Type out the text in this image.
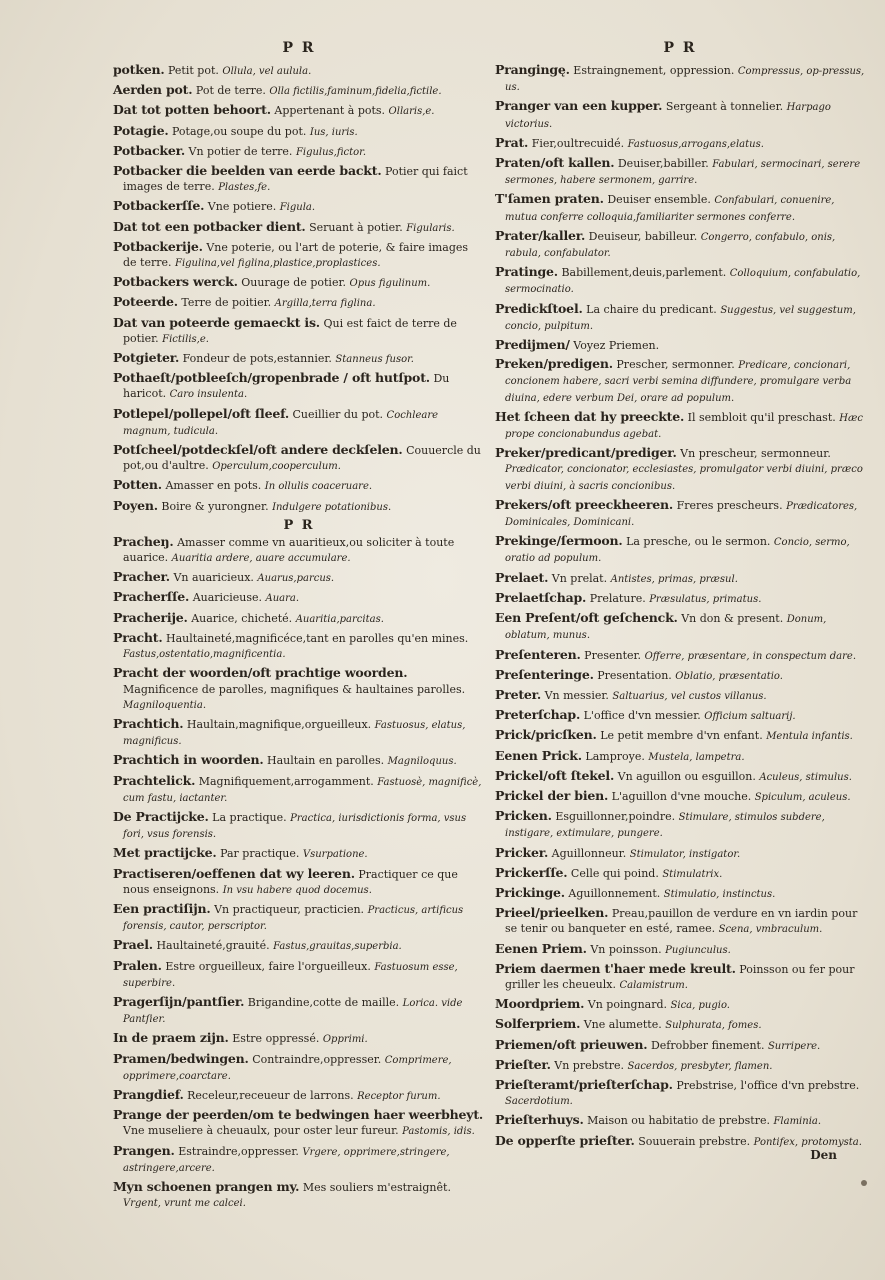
P R
potken. Petit pot. Ollula, vel aulula.
Aerden pot. Pot de terre. Olla fictilis,faminum,fidelia,fictile.
Dat tot potten behoort. Appertenant à pots. Ollaris,e.
Potagie. Potage,ou soupe du pot. Ius, iuris.
Potbacker. Vn potier de terre. Figulus,fictor.
Potbacker die beelden van eerde backt. Potier qui faict images de terre. Plastes,fe.
Potbackerſſe. Vne potiere. Figula.
Dat tot een potbacker dient. Seruant à potier. Figularis.
Potbackerije. Vne poterie, ou l'art de poterie, & faire images de terre. Figulina,vel figlina,plastice,proplastices.
Potbackers werck. Ouurage de potier. Opus figulinum.
Poteerde. Terre de poitier. Argilla,terra figlina.
Dat van poteerde gemaeckt is. Qui est faict de terre de potier. Fictilis,e.
Potgieter. Fondeur de pots,estannier. Stanneus fusor.
Pothaeſt/potbleeſch/gropenbrade / oft hutſpot. Du haricot. Caro insulenta.
Potlepel/pollepel/oft ſleef. Cueillier du pot. Cochleare magnum, tudicula.
Potſcheel/potdeckſel/oft andere deckſelen. Couuercle du pot,ou d'aultre. Operculum,cooperculum.
Potten. Amasser en pots. In ollulis coaceruare.
Poyen. Boire & yurongner. Indulgere potationibus.
P R
Pracheŋ. Amasser comme vn auaritieux,ou soliciter à toute auarice. Auaritia ardere, auare accumulare.
Pracher. Vn auaricieux. Auarus,parcus.
Pracherſſe. Auaricieuse. Auara.
Pracherije. Auarice, chicheté. Auaritia,parcitas.
Pracht. Haultaineté,magnificéce,tant en parolles qu'en mines. Fastus,ostentatio,magnificentia.
Pracht der woorden/oft prachtige woorden. Magnificence de parolles, magnifiques & haultaines parolles. Magniloquentia.
Prachtich. Haultain,magnifique,orgueilleux. Fastuosus, elatus, magnificus.
Prachtich in woorden. Haultain en parolles. Magniloquus.
Prachtelick. Magnifiquement,arrogamment. Fastuosè, magnificè, cum fastu, iactanter.
De Practijcke. La practique. Practica, iurisdictionis forma, vsus fori, vsus forensis.
Met practijcke. Par practique. Vsurpatione.
Practiseren/oeffenen dat wy leeren. Practiquer ce que nous enseignons. In vsu habere quod docemus.
Een practiſijn. Vn practiqueur, practicien. Practicus, artificus forensis, cautor, perscriptor.
Prael. Haultaineté,grauité. Fastus,grauitas,superbia.
Pralen. Estre orgueilleux, faire l'orgueilleux. Fastuosum esse, superbire.
Pragerſijn/pantſier. Brigandine,cotte de maille. Lorica. vide Pantſier.
In de praem zijn. Estre oppressé. Opprimi.
Pramen/bedwingen. Contraindre,oppresser. Comprimere, opprimere,coarctare.
Prangdief. Receleur,receueur de larrons. Receptor furum.
Prange der peerden/om te bedwingen haer weerbheyt. Vne museliere à cheuaulx, pour oster leur fureur. Pastomis, idis.
Prangen. Estraindre,oppresser. Vrgere, opprimere,stringere, astringere,arcere.
Myn schoenen prangen my. Mes souliers m'estraignêt. Vrgent, vrunt me calcei.
P R
Prangingę. Estraingnement, oppression. Compressus, op-pressus, us.
Pranger van een kupper. Sergeant à tonnelier. Harpago victorius.
Prat. Fier,oultrecuidé. Fastuosus,arrogans,elatus.
Praten/oft kallen. Deuiser,babiller. Fabulari, sermocinari, serere sermones, habere sermonem, garrire.
T'ſamen praten. Deuiser ensemble. Confabulari, conuenire, mutua conferre colloquia,familiariter sermones conferre.
Prater/kaller. Deuiseur, babilleur. Congerro, confabulo, onis, rabula, confabulator.
Pratinge. Babillement,deuis,parlement. Colloquium, confabulatio, sermocinatio.
Predickſtoel. La chaire du predicant. Suggestus, vel suggestum, concio, pulpitum.
Predijmen/ Voyez Priemen.
Preken/predigen. Prescher, sermonner. Predicare, concionari, concionem habere, sacri verbi semina diffundere, promulgare verba diuina, edere verbum Dei, orare ad populum.
Het ſcheen dat hy preeckte. Il sembloit qu'il preschast. Hæc prope concionabundus agebat.
Preker/predicant/prediger. Vn prescheur, sermonneur. Prædicator, concionator, ecclesiastes, promulgator verbi diuini, præco verbi diuini, à sacris concionibus.
Prekers/oft preeckheeren. Freres prescheurs. Prædicatores, Dominicales, Dominicani.
Prekinge/ſermoon. La presche, ou le sermon. Concio, sermo, oratio ad populum.
Prelaet. Vn prelat. Antistes, primas, præsul.
Prelaetſchap. Prelature. Præsulatus, primatus.
Een Preſent/oft geſchenck. Vn don & present. Donum, oblatum, munus.
Preſenteren. Presenter. Offerre, præsentare, in conspectum dare.
Preſenteringe. Presentation. Oblatio, præsentatio.
Preter. Vn messier. Saltuarius, vel custos villanus.
Preterſchap. L'office d'vn messier. Officium saltuarij.
Prick/pricſken. Le petit membre d'vn enfant. Mentula infantis.
Eenen Prick. Lamproye. Mustela, lampetra.
Prickel/oft ſtekel. Vn aguillon ou esguillon. Aculeus, stimulus.
Prickel der bien. L'aguillon d'vne mouche. Spiculum, aculeus.
Pricken. Esguillonner,poindre. Stimulare, stimulos subdere, instigare, extimulare, pungere.
Pricker. Aguillonneur. Stimulator, instigator.
Prickerſſe. Celle qui poind. Stimulatrix.
Prickinge. Aguillonnement. Stimulatio, instinctus.
Prieel/prieelken. Preau,pauillon de verdure en vn iardin pour se tenir ou banqueter en esté, ramee. Scena, vmbraculum.
Eenen Priem. Vn poinsson. Pugiunculus.
Priem daermen t'haer mede kreult. Poinsson ou fer pour griller les cheueulx. Calamistrum.
Moordpriem. Vn poingnard. Sica, pugio.
Solferpriem. Vne alumette. Sulphurata, fomes.
Priemen/oft prieuwen. Defrobber finement. Surripere.
Prieſter. Vn prebstre. Sacerdos, presbyter, flamen.
Prieſteramt/prieſterſchap. Prebstrise, l'office d'vn prebstre. Sacerdotium.
Prieſterhuys. Maison ou habitatio de prebstre. Flaminia.
De opperſte prieſter. Souuerain prebstre. Pontifex, protomysta.
Den
